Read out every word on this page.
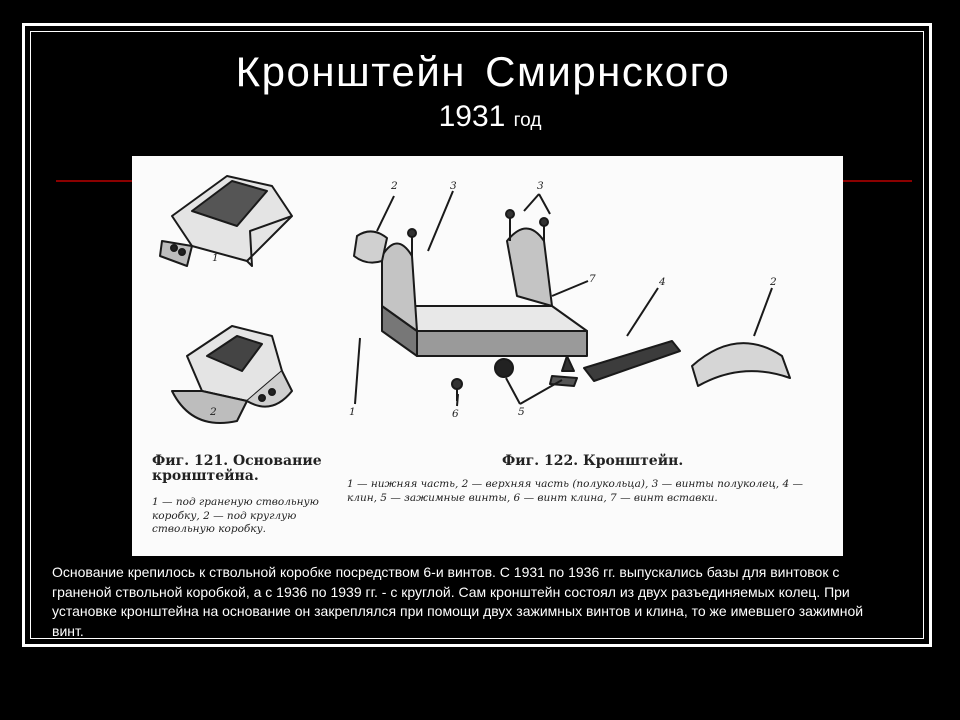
Кронштейн Смирнского
1931 год
1
2
2	3	3
7	4	2
1	6	5
Фиг. 121. Основание кронштейна.
1 — под граненую ствольную коробку, 2 — под круглую ствольную коробку.
Фиг. 122. Кронштейн.
1 — нижняя часть, 2 — верхняя часть (полукольца), 3 — винты полуколец, 4 — клин, 5 — зажимные винты, 6 — винт клина, 7 — винт вставки.
Основание крепилось к ствольной коробке посредством 6-и винтов. С 1931 по 1936 гг. выпускались базы для винтовок с граненой ствольной коробкой, а с 1936 по 1939 гг. - с круглой. Сам кронштейн состоял из двух разъединяемых колец. При установке кронштейна на основание он закреплялся при помощи двух зажимных винтов и клина, то же имевшего зажимной винт.
